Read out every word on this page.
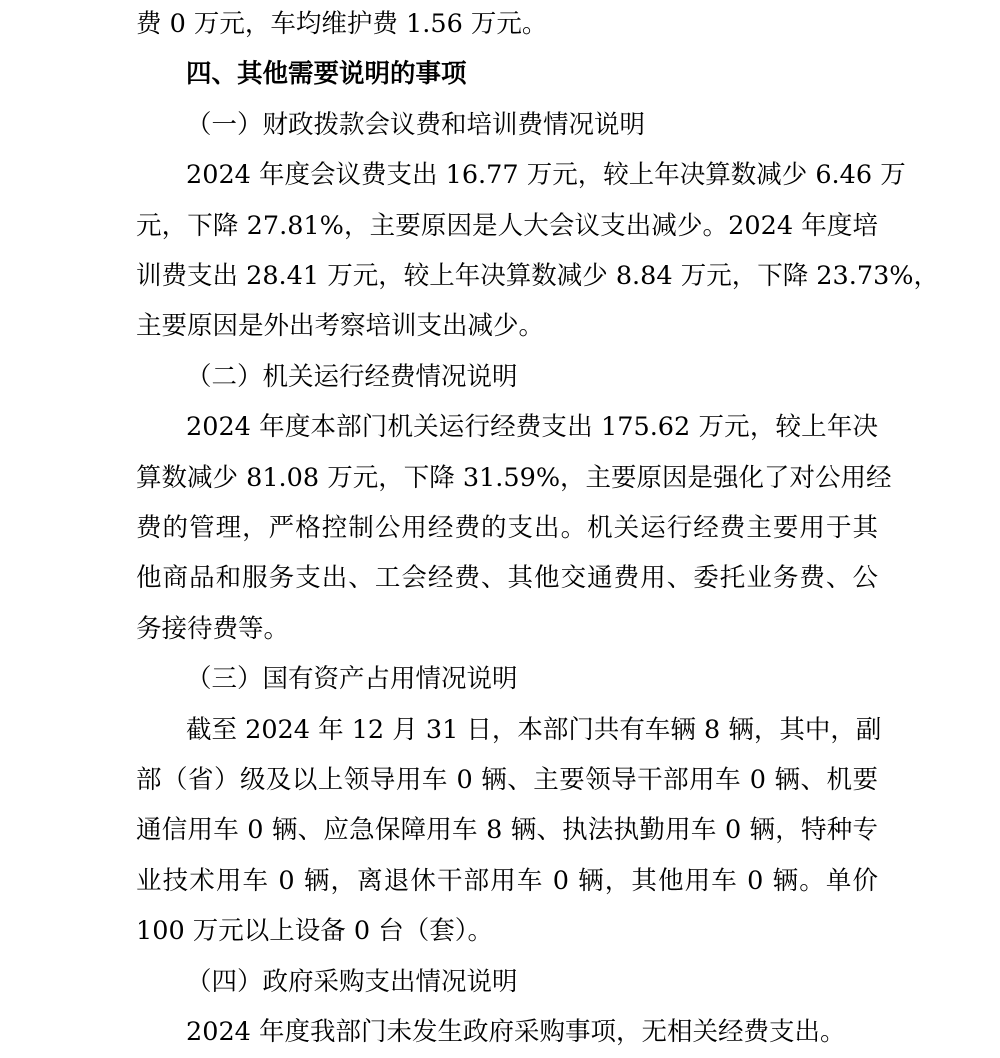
费 0 万元，车均维护费 1.56 万元。
四、其他需要说明的事项
（一）财政拨款会议费和培训费情况说明
2024 年度会议费支出 16.77 万元，较上年决算数减少 6.46 万
元，下降 27.81%，主要原因是人大会议支出减少。2024 年度培
训费支出 28.41 万元，较上年决算数减少 8.84 万元，下降 23.73%，
主要原因是外出考察培训支出减少。
（二）机关运行经费情况说明
2024 年度本部门机关运行经费支出 175.62 万元，较上年决
算数减少 81.08 万元，下降 31.59%，主要原因是强化了对公用经
费的管理，严格控制公用经费的支出。机关运行经费主要用于其
他商品和服务支出、工会经费、其他交通费用、委托业务费、公
务接待费等。
（三）国有资产占用情况说明
截至 2024 年 12 月 31 日，本部门共有车辆 8 辆，其中，副
部（省）级及以上领导用车 0 辆、主要领导干部用车 0 辆、机要
通信用车 0 辆、应急保障用车 8 辆、执法执勤用车 0 辆，特种专
业技术用车 0 辆，离退休干部用车 0 辆，其他用车 0 辆。单价
100 万元以上设备 0 台（套）。
（四）政府采购支出情况说明
2024 年度我部门未发生政府采购事项，无相关经费支出。
